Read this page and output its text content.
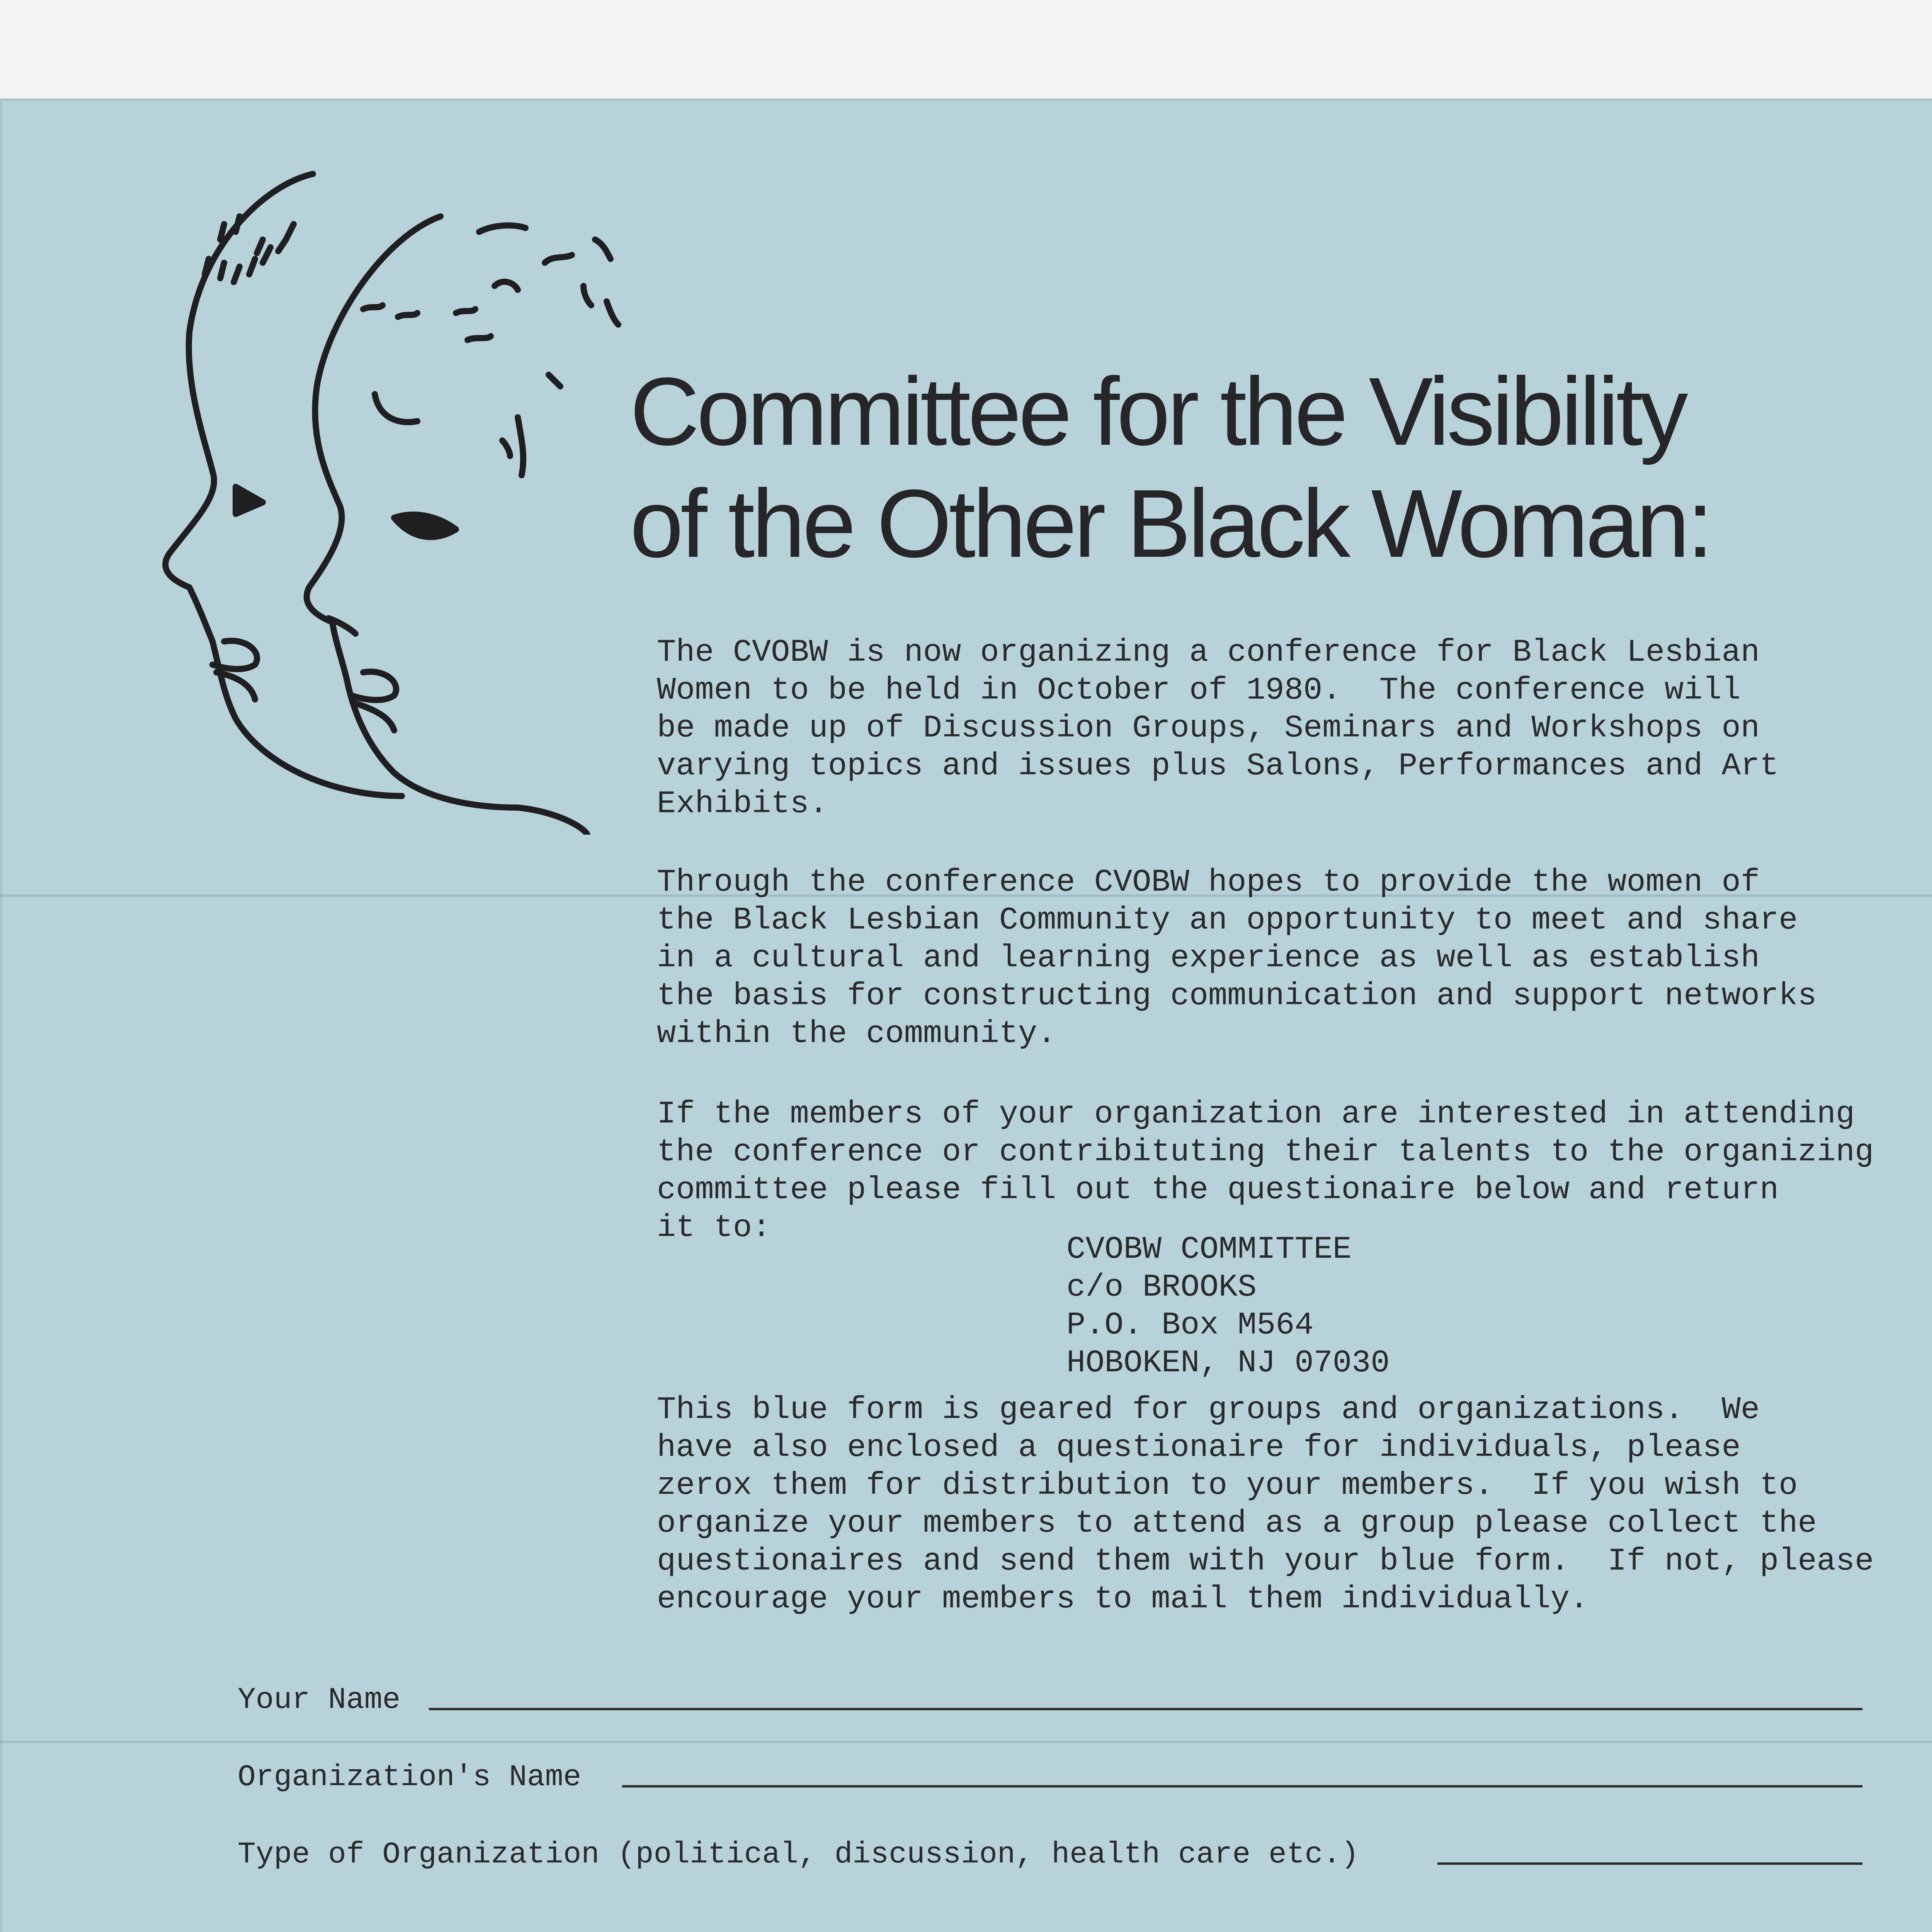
Committee for the Visibility
of the Other Black Woman:
The CVOBW is now organizing a conference for Black Lesbian
Women to be held in October of 1980.  The conference will
be made up of Discussion Groups, Seminars and Workshops on
varying topics and issues plus Salons, Performances and Art
Exhibits.
Through the conference CVOBW hopes to provide the women of
the Black Lesbian Community an opportunity to meet and share
in a cultural and learning experience as well as establish
the basis for constructing communication and support networks
within the community.
If the members of your organization are interested in attending
the conference or contribituting their talents to the organizing
committee please fill out the questionaire below and return
it to:
CVOBW COMMITTEE
c/o BROOKS
P.O. Box M564
HOBOKEN, NJ 07030
This blue form is geared for groups and organizations.  We
have also enclosed a questionaire for individuals, please
zerox them for distribution to your members.  If you wish to
organize your members to attend as a group please collect the
questionaires and send them with your blue form.  If not, please
encourage your members to mail them individually.
Your Name
Organization's Name
Type of Organization (political, discussion, health care etc.)
